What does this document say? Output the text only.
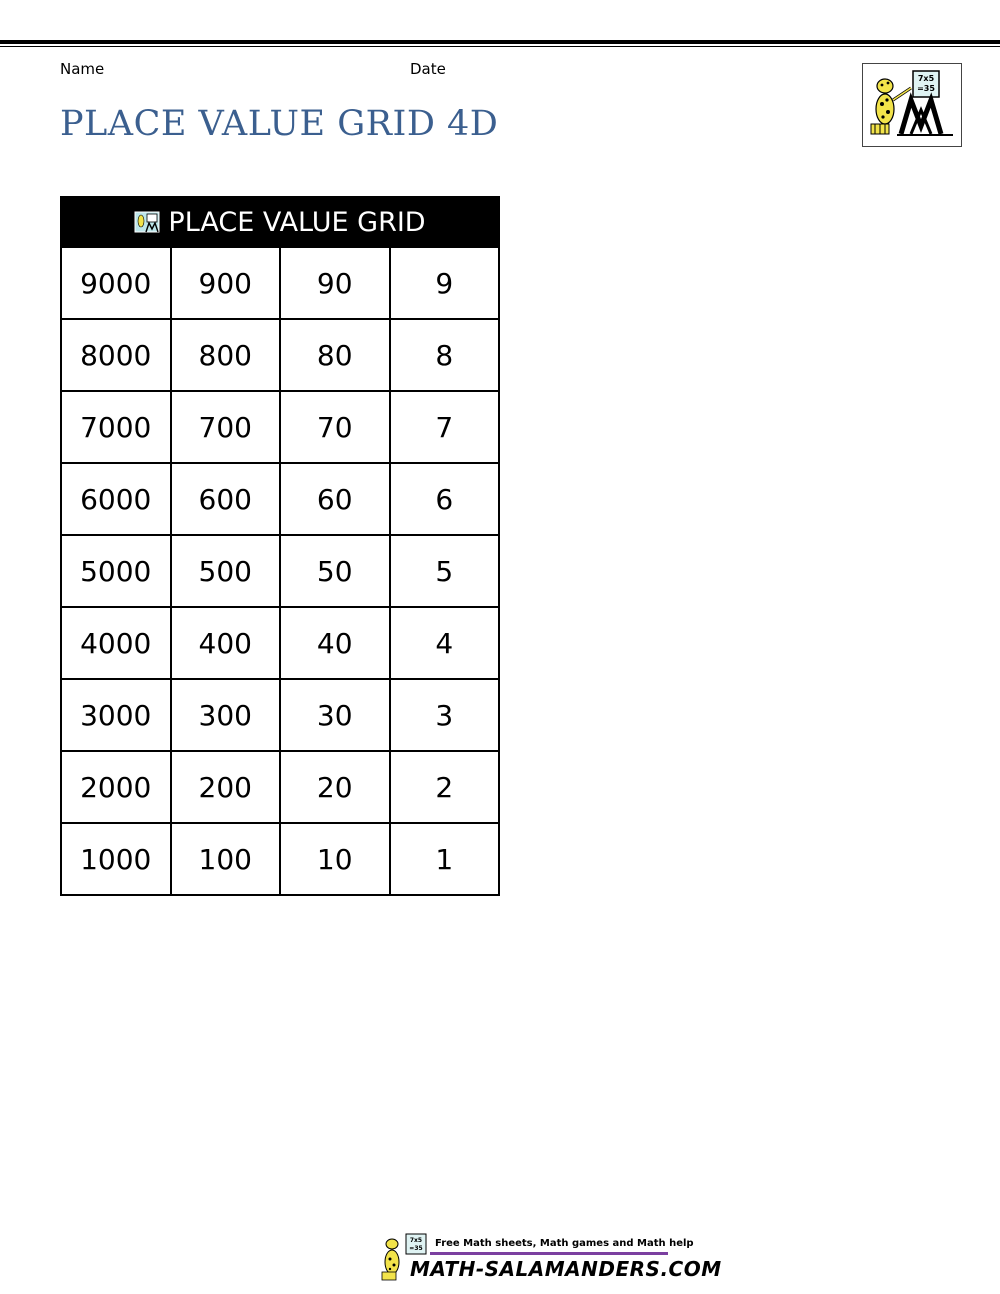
Name	Date
PLACE VALUE GRID 4D
7x5
=35
PLACE VALUE GRID
9000	900	90	9
8000	800	80	8
7000	700	70	7
6000	600	60	6
5000	500	50	5
4000	400	40	4
3000	300	30	3
2000	200	20	2
1000	100	10	1
7x5
=35 Free Math sheets, Math games and Math help
MATH-SALAMANDERS.COM
